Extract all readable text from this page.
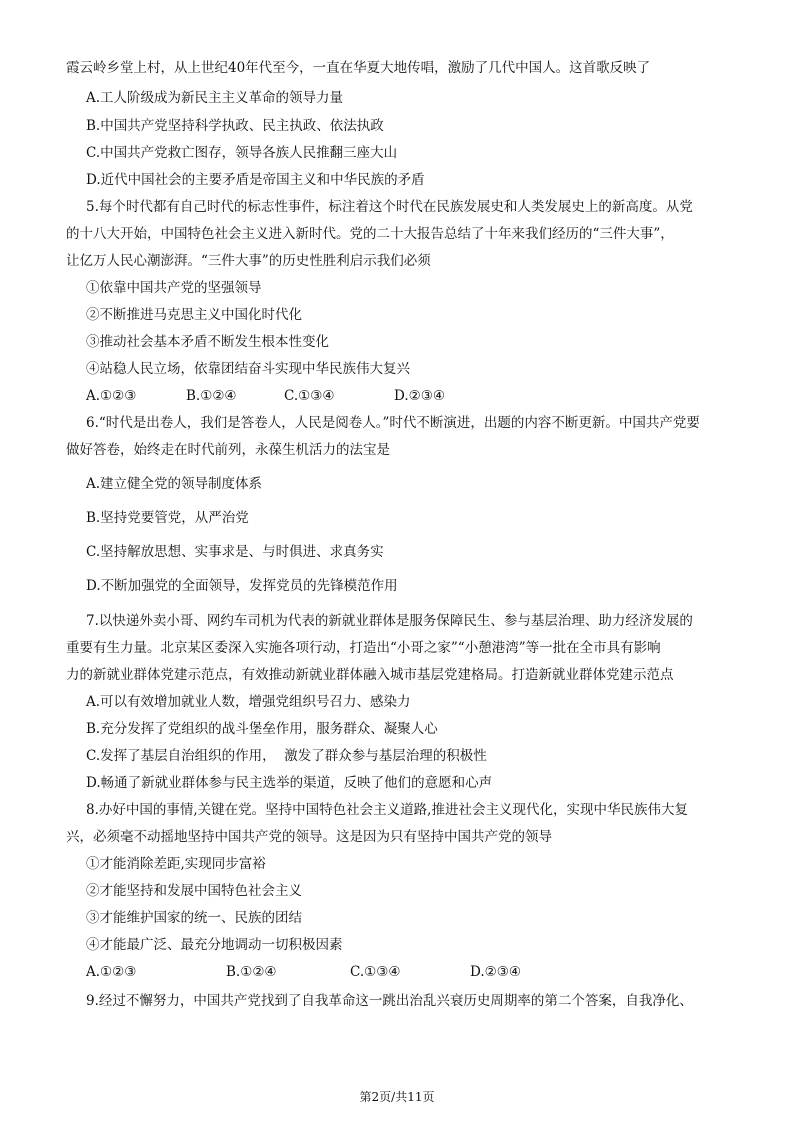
霞云岭乡堂上村，从上世纪40年代至今，一直在华夏大地传唱，激励了几代中国人。这首歌反映了
A.工人阶级成为新民主主义革命的领导力量
B.中国共产党坚持科学执政、民主执政、依法执政
C.中国共产党救亡图存，领导各族人民推翻三座大山
D.近代中国社会的主要矛盾是帝国主义和中华民族的矛盾
5.每个时代都有自己时代的标志性事件，标注着这个时代在民族发展史和人类发展史上的新高度。从党
的十八大开始，中国特色社会主义进入新时代。党的二十大报告总结了十年来我们经历的“三件大事”，
让亿万人民心潮澎湃。“三件大事”的历史性胜利启示我们必须
①依靠中国共产党的坚强领导
②不断推进马克思主义中国化时代化
③推动社会基本矛盾不断发生根本性变化
④站稳人民立场，依靠团结奋斗实现中华民族伟大复兴
A.①②③	B.①②④	C.①③④	D.②③④
6.“时代是出卷人，我们是答卷人，人民是阅卷人。”时代不断演进，出题的内容不断更新。中国共产党要
做好答卷，始终走在时代前列，永葆生机活力的法宝是
A.建立健全党的领导制度体系
B.坚持党要管党，从严治党
C.坚持解放思想、实事求是、与时俱进、求真务实
D.不断加强党的全面领导，发挥党员的先锋模范作用
7.以快递外卖小哥、网约车司机为代表的新就业群体是服务保障民生、参与基层治理、助力经济发展的
重要有生力量。北京某区委深入实施各项行动，打造出“小哥之家”“小憩港湾”等一批在全市具有影响
力的新就业群体党建示范点，有效推动新就业群体融入城市基层党建格局。打造新就业群体党建示范点
A.可以有效增加就业人数，增强党组织号召力、感染力
B.充分发挥了党组织的战斗堡垒作用，服务群众、凝聚人心
C.发挥了基层自治组织的作用，  激发了群众参与基层治理的积极性
D.畅通了新就业群体参与民主选举的渠道，反映了他们的意愿和心声
8.办好中国的事情,关键在党。坚持中国特色社会主义道路,推进社会主义现代化，实现中华民族伟大复
兴，必须毫不动摇地坚持中国共产党的领导。这是因为只有坚持中国共产党的领导
①才能消除差距,实现同步富裕
②才能坚持和发展中国特色社会主义
③才能维护国家的统一、民族的团结
④才能最广泛、最充分地调动一切积极因素
A.①②③	B.①②④	C.①③④	D.②③④
9.经过不懈努力，中国共产党找到了自我革命这一跳出治乱兴衰历史周期率的第二个答案，自我净化、
第2页/共11页
